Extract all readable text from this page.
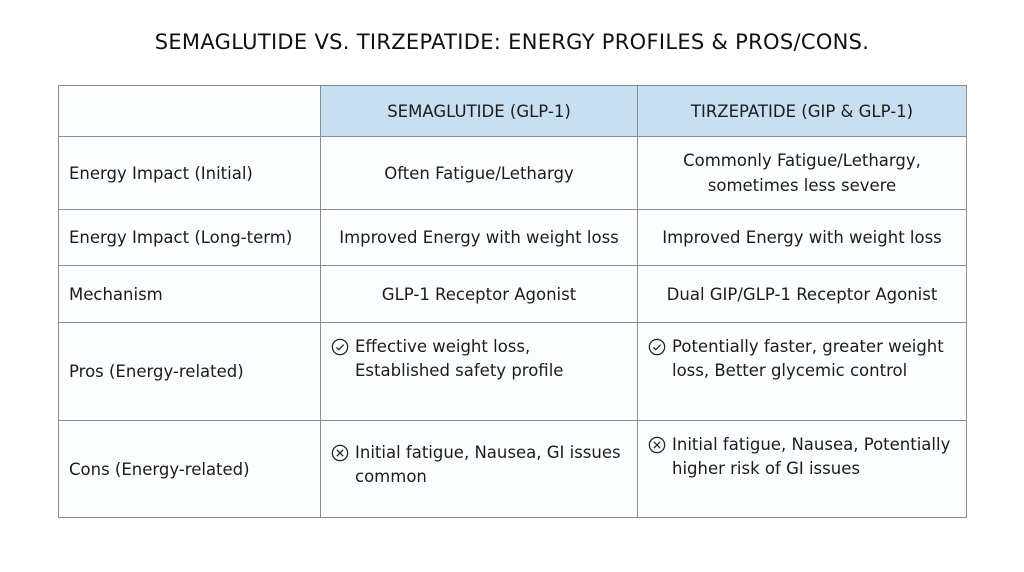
SEMAGLUTIDE VS. TIRZEPATIDE: ENERGY PROFILES & PROS/CONS.
	SEMAGLUTIDE (GLP-1)	TIRZEPATIDE (GIP & GLP-1)
Energy Impact (Initial)	Often Fatigue/Lethargy	Commonly Fatigue/Lethargy, sometimes less severe
Energy Impact (Long-term)	Improved Energy with weight loss	Improved Energy with weight loss
Mechanism	GLP-1 Receptor Agonist	Dual GIP/GLP-1 Receptor Agonist
Pros (Energy-related)	Effective weight loss, Established safety profile	Potentially faster, greater weight loss, Better glycemic control

Cons (Energy-related)	Initial fatigue, Nausea, GI issues common	Initial fatigue, Nausea, Potentially higher risk of GI issues
